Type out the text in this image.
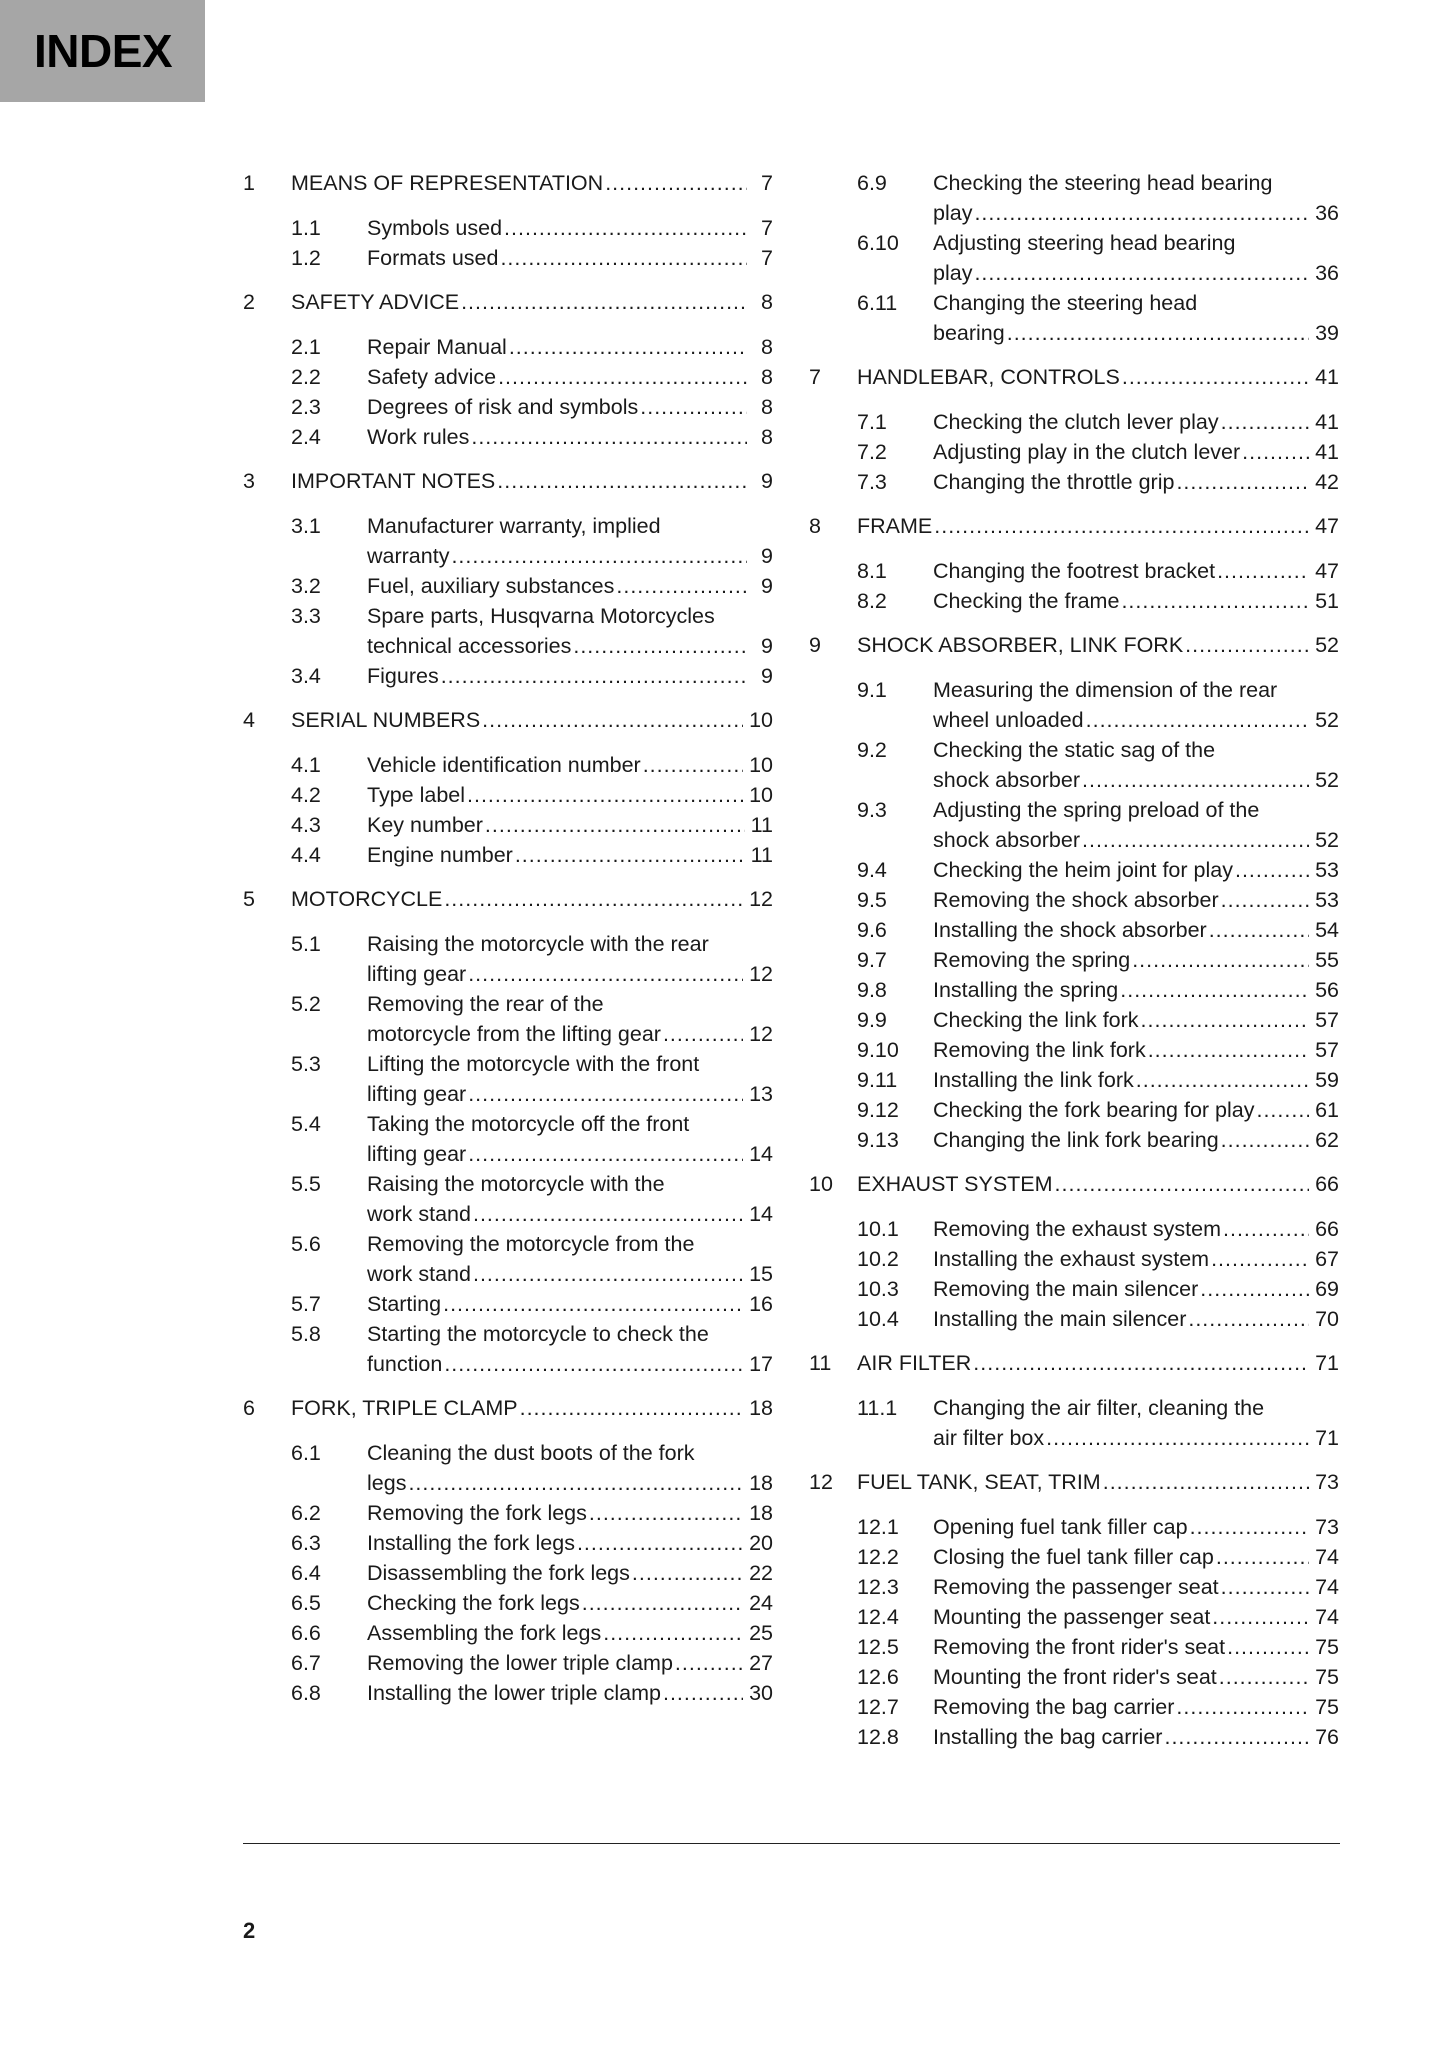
INDEX
1	MEANS OF REPRESENTATION .....	7
1.1	Symbols used .....	7
1.2	Formats used .....	7
2	SAFETY ADVICE .....	8
2.1	Repair Manual .....	8
2.2	Safety advice .....	8
2.3	Degrees of risk and symbols .....	8
2.4	Work rules .....	8
3	IMPORTANT NOTES .....	9
3.1	Manufacturer warranty, implied
warranty .....	9
3.2	Fuel, auxiliary substances .....	9
3.3	Spare parts, Husqvarna Motorcycles
technical accessories .....	9
3.4	Figures .....	9
4	SERIAL NUMBERS .....	10
4.1	Vehicle identification number .....	10
4.2	Type label .....	10
4.3	Key number .....	11
4.4	Engine number .....	11
5	MOTORCYCLE .....	12
5.1	Raising the motorcycle with the rear
lifting gear .....	12
5.2	Removing the rear of the
motorcycle from the lifting gear .....	12
5.3	Lifting the motorcycle with the front
lifting gear .....	13
5.4	Taking the motorcycle off the front
lifting gear .....	14
5.5	Raising the motorcycle with the
work stand .....	14
5.6	Removing the motorcycle from the
work stand .....	15
5.7	Starting .....	16
5.8	Starting the motorcycle to check the
function .....	17
6	FORK, TRIPLE CLAMP .....	18
6.1	Cleaning the dust boots of the fork
legs .....	18
6.2	Removing the fork legs .....	18
6.3	Installing the fork legs .....	20
6.4	Disassembling the fork legs .....	22
6.5	Checking the fork legs .....	24
6.6	Assembling the fork legs .....	25
6.7	Removing the lower triple clamp .....	27
6.8	Installing the lower triple clamp .....	30
6.9	Checking the steering head bearing
play .....	36
6.10	Adjusting steering head bearing
play .....	36
6.11	Changing the steering head
bearing .....	39
7	HANDLEBAR, CONTROLS .....	41
7.1	Checking the clutch lever play .....	41
7.2	Adjusting play in the clutch lever .....	41
7.3	Changing the throttle grip .....	42
8	FRAME .....	47
8.1	Changing the footrest bracket .....	47
8.2	Checking the frame .....	51
9	SHOCK ABSORBER, LINK FORK .....	52
9.1	Measuring the dimension of the rear
wheel unloaded .....	52
9.2	Checking the static sag of the
shock absorber .....	52
9.3	Adjusting the spring preload of the
shock absorber .....	52
9.4	Checking the heim joint for play .....	53
9.5	Removing the shock absorber .....	53
9.6	Installing the shock absorber .....	54
9.7	Removing the spring .....	55
9.8	Installing the spring .....	56
9.9	Checking the link fork .....	57
9.10	Removing the link fork .....	57
9.11	Installing the link fork .....	59
9.12	Checking the fork bearing for play .....	61
9.13	Changing the link fork bearing .....	62
10	EXHAUST SYSTEM .....	66
10.1	Removing the exhaust system .....	66
10.2	Installing the exhaust system .....	67
10.3	Removing the main silencer .....	69
10.4	Installing the main silencer .....	70
11	AIR FILTER .....	71
11.1	Changing the air filter, cleaning the
air filter box .....	71
12	FUEL TANK, SEAT, TRIM .....	73
12.1	Opening fuel tank filler cap .....	73
12.2	Closing the fuel tank filler cap .....	74
12.3	Removing the passenger seat .....	74
12.4	Mounting the passenger seat .....	74
12.5	Removing the front rider's seat .....	75
12.6	Mounting the front rider's seat .....	75
12.7	Removing the bag carrier .....	75
12.8	Installing the bag carrier .....	76
2
